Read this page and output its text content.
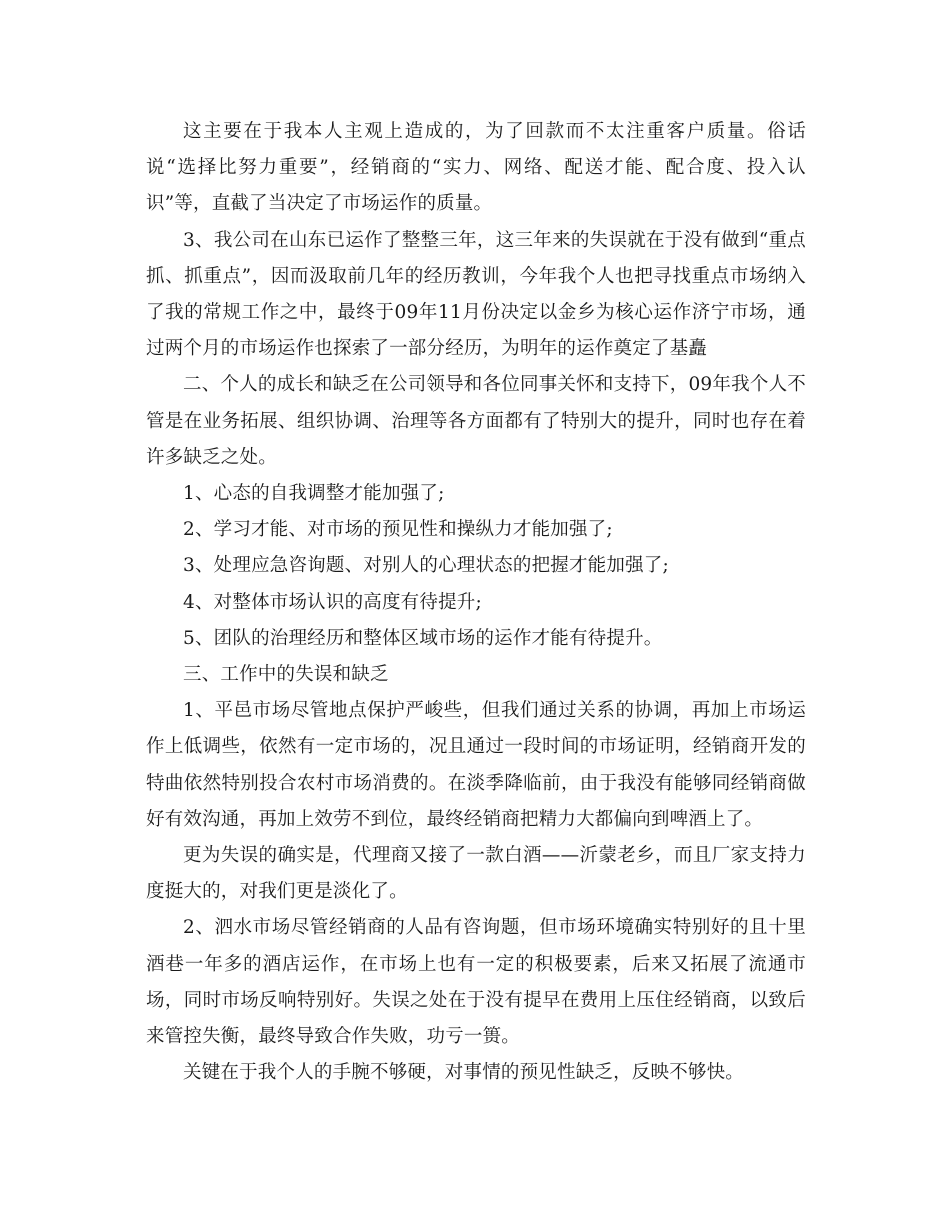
这主要在于我本人主观上造成的，为了回款而不太注重客户质量。俗话说“选择比努力重要”，经销商的“实力、网络、配送才能、配合度、投入认识”等，直截了当决定了市场运作的质量。

3、我公司在山东已运作了整整三年，这三年来的失误就在于没有做到“重点抓、抓重点”，因而汲取前几年的经历教训，今年我个人也把寻找重点市场纳入了我的常规工作之中，最终于09年11月份决定以金乡为核心运作济宁市场，通过两个月的市场运作也探索了一部分经历，为明年的运作奠定了基矗

二、个人的成长和缺乏在公司领导和各位同事关怀和支持下，09年我个人不管是在业务拓展、组织协调、治理等各方面都有了特别大的提升，同时也存在着许多缺乏之处。

1、心态的自我调整才能加强了;

2、学习才能、对市场的预见性和操纵力才能加强了;

3、处理应急咨询题、对别人的心理状态的把握才能加强了;

4、对整体市场认识的高度有待提升;

5、团队的治理经历和整体区域市场的运作才能有待提升。

三、工作中的失误和缺乏

1、平邑市场尽管地点保护严峻些，但我们通过关系的协调，再加上市场运作上低调些，依然有一定市场的，况且通过一段时间的市场证明，经销商开发的特曲依然特别投合农村市场消费的。在淡季降临前，由于我没有能够同经销商做好有效沟通，再加上效劳不到位，最终经销商把精力大都偏向到啤酒上了。

更为失误的确实是，代理商又接了一款白酒——沂蒙老乡，而且厂家支持力度挺大的，对我们更是淡化了。

2、泗水市场尽管经销商的人品有咨询题，但市场环境确实特别好的且十里酒巷一年多的酒店运作，在市场上也有一定的积极要素，后来又拓展了流通市场，同时市场反响特别好。失误之处在于没有提早在费用上压住经销商，以致后来管控失衡，最终导致合作失败，功亏一篑。

关键在于我个人的手腕不够硬，对事情的预见性缺乏，反映不够快。
